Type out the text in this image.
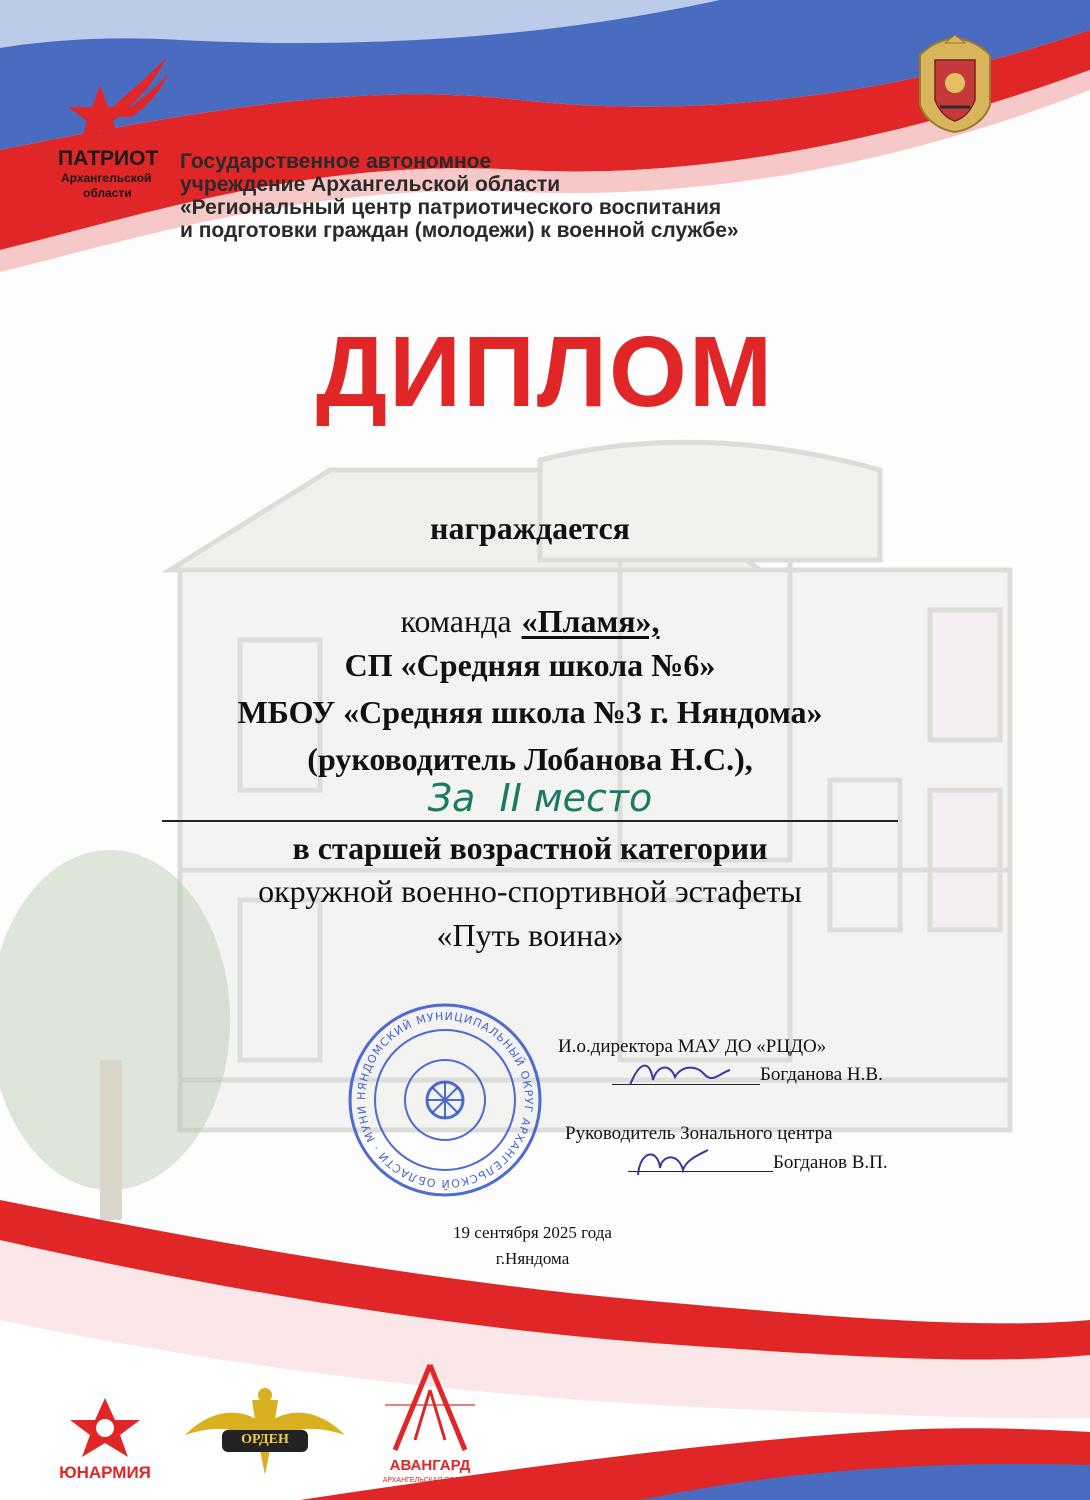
ПАТРИОТ
Архангельской
области
Государственное автономное
учреждение Архангельской области
«Региональный центр патриотического воспитания
и подготовки граждан (молодежи) к военной службе»
ДИПЛОМ
награждается
команда «Пламя»,
СП «Средняя школа №6»
МБОУ «Средняя школа №3 г. Няндома»
(руководитель Лобанова Н.С.),
За  II место
в старшей возрастной категории
окружной военно-спортивной эстафеты
«Путь воина»
НЯНДОМСКИЙ МУНИЦИПАЛЬНЫЙ ОКРУГ АРХАНГЕЛЬСКОЙ ОБЛАСТИ · МУНИ
И.о.директора МАУ ДО «РЦДО»
Богданова Н.В.
Руководитель Зонального центра
Богданов В.П.
19 сентября 2025 года
г.Няндома
ЮНАРМИЯ
ОРДЕН
АВАНГАРД
АРХАНГЕЛЬСКАЯ ОБЛАСТЬ
